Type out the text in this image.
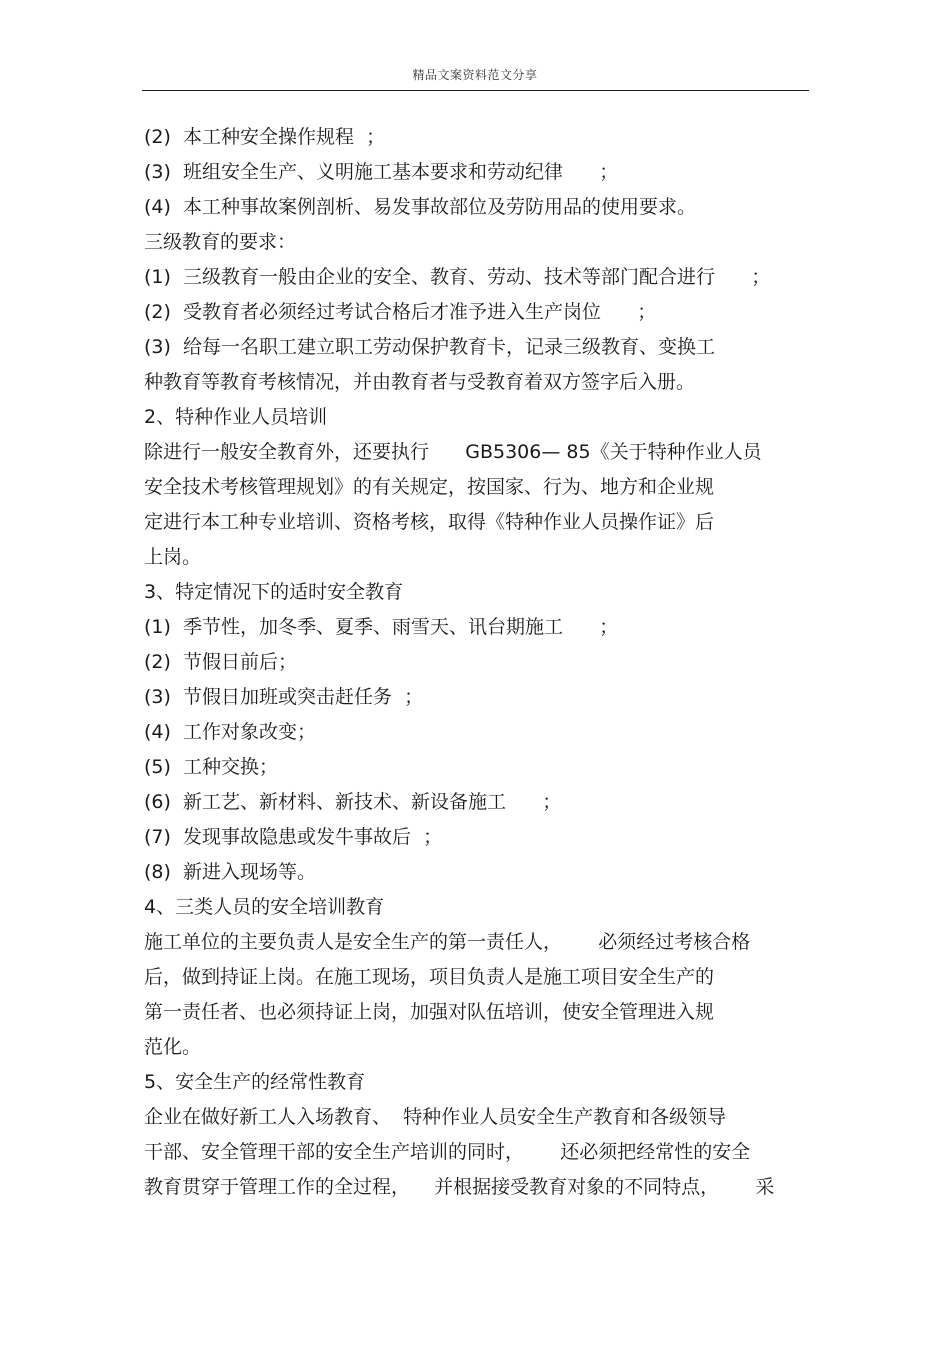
精品文案资料范文分享
(2)  本工种安全操作规程  ；
(3)  班组安全生产、义明施工基本要求和劳动纪律      ；
(4)  本工种事故案例剖析、易发事故部位及劳防用品的使用要求。
三级教育的要求：
(1)  三级教育一般由企业的安全、教育、劳动、技术等部门配合进行      ；
(2)  受教育者必须经过考试合格后才准予进入生产岗位      ；
(3)  给每一名职工建立职工劳动保护教育卡，记录三级教育、变换工
种教育等教育考核情况，并由教育者与受教育着双方签字后入册。
2、特种作业人员培训
除进行一般安全教育外，还要执行      GB5306— 85《关于特种作业人员
安全技术考核管理规划》的有关规定，按国家、行为、地方和企业规
定进行本工种专业培训、资格考核，取得《特种作业人员操作证》后
上岗。
3、特定情况下的适时安全教育
(1)  季节性，加冬季、夏季、雨雪天、讯台期施工      ；
(2)  节假日前后；
(3)  节假日加班或突击赶任务  ；
(4)  工作对象改变；
(5)  工种交换；
(6)  新工艺、新材料、新技术、新设备施工      ；
(7)  发现事故隐患或发牛事故后  ；
(8)  新进入现场等。
4、三类人员的安全培训教育
施工单位的主要负责人是安全生产的第一责任人，      必须经过考核合格
后，做到持证上岗。在施工现场，项目负责人是施工项目安全生产的
第一责任者、也必须持证上岗，加强对队伍培训，使安全管理进入规
范化。
5、安全生产的经常性教育
企业在做好新工人入场教育、  特种作业人员安全生产教育和各级领导
干部、安全管理干部的安全生产培训的同时，      还必须把经常性的安全
教育贯穿于管理工作的全过程，    并根据接受教育对象的不同特点，      采
